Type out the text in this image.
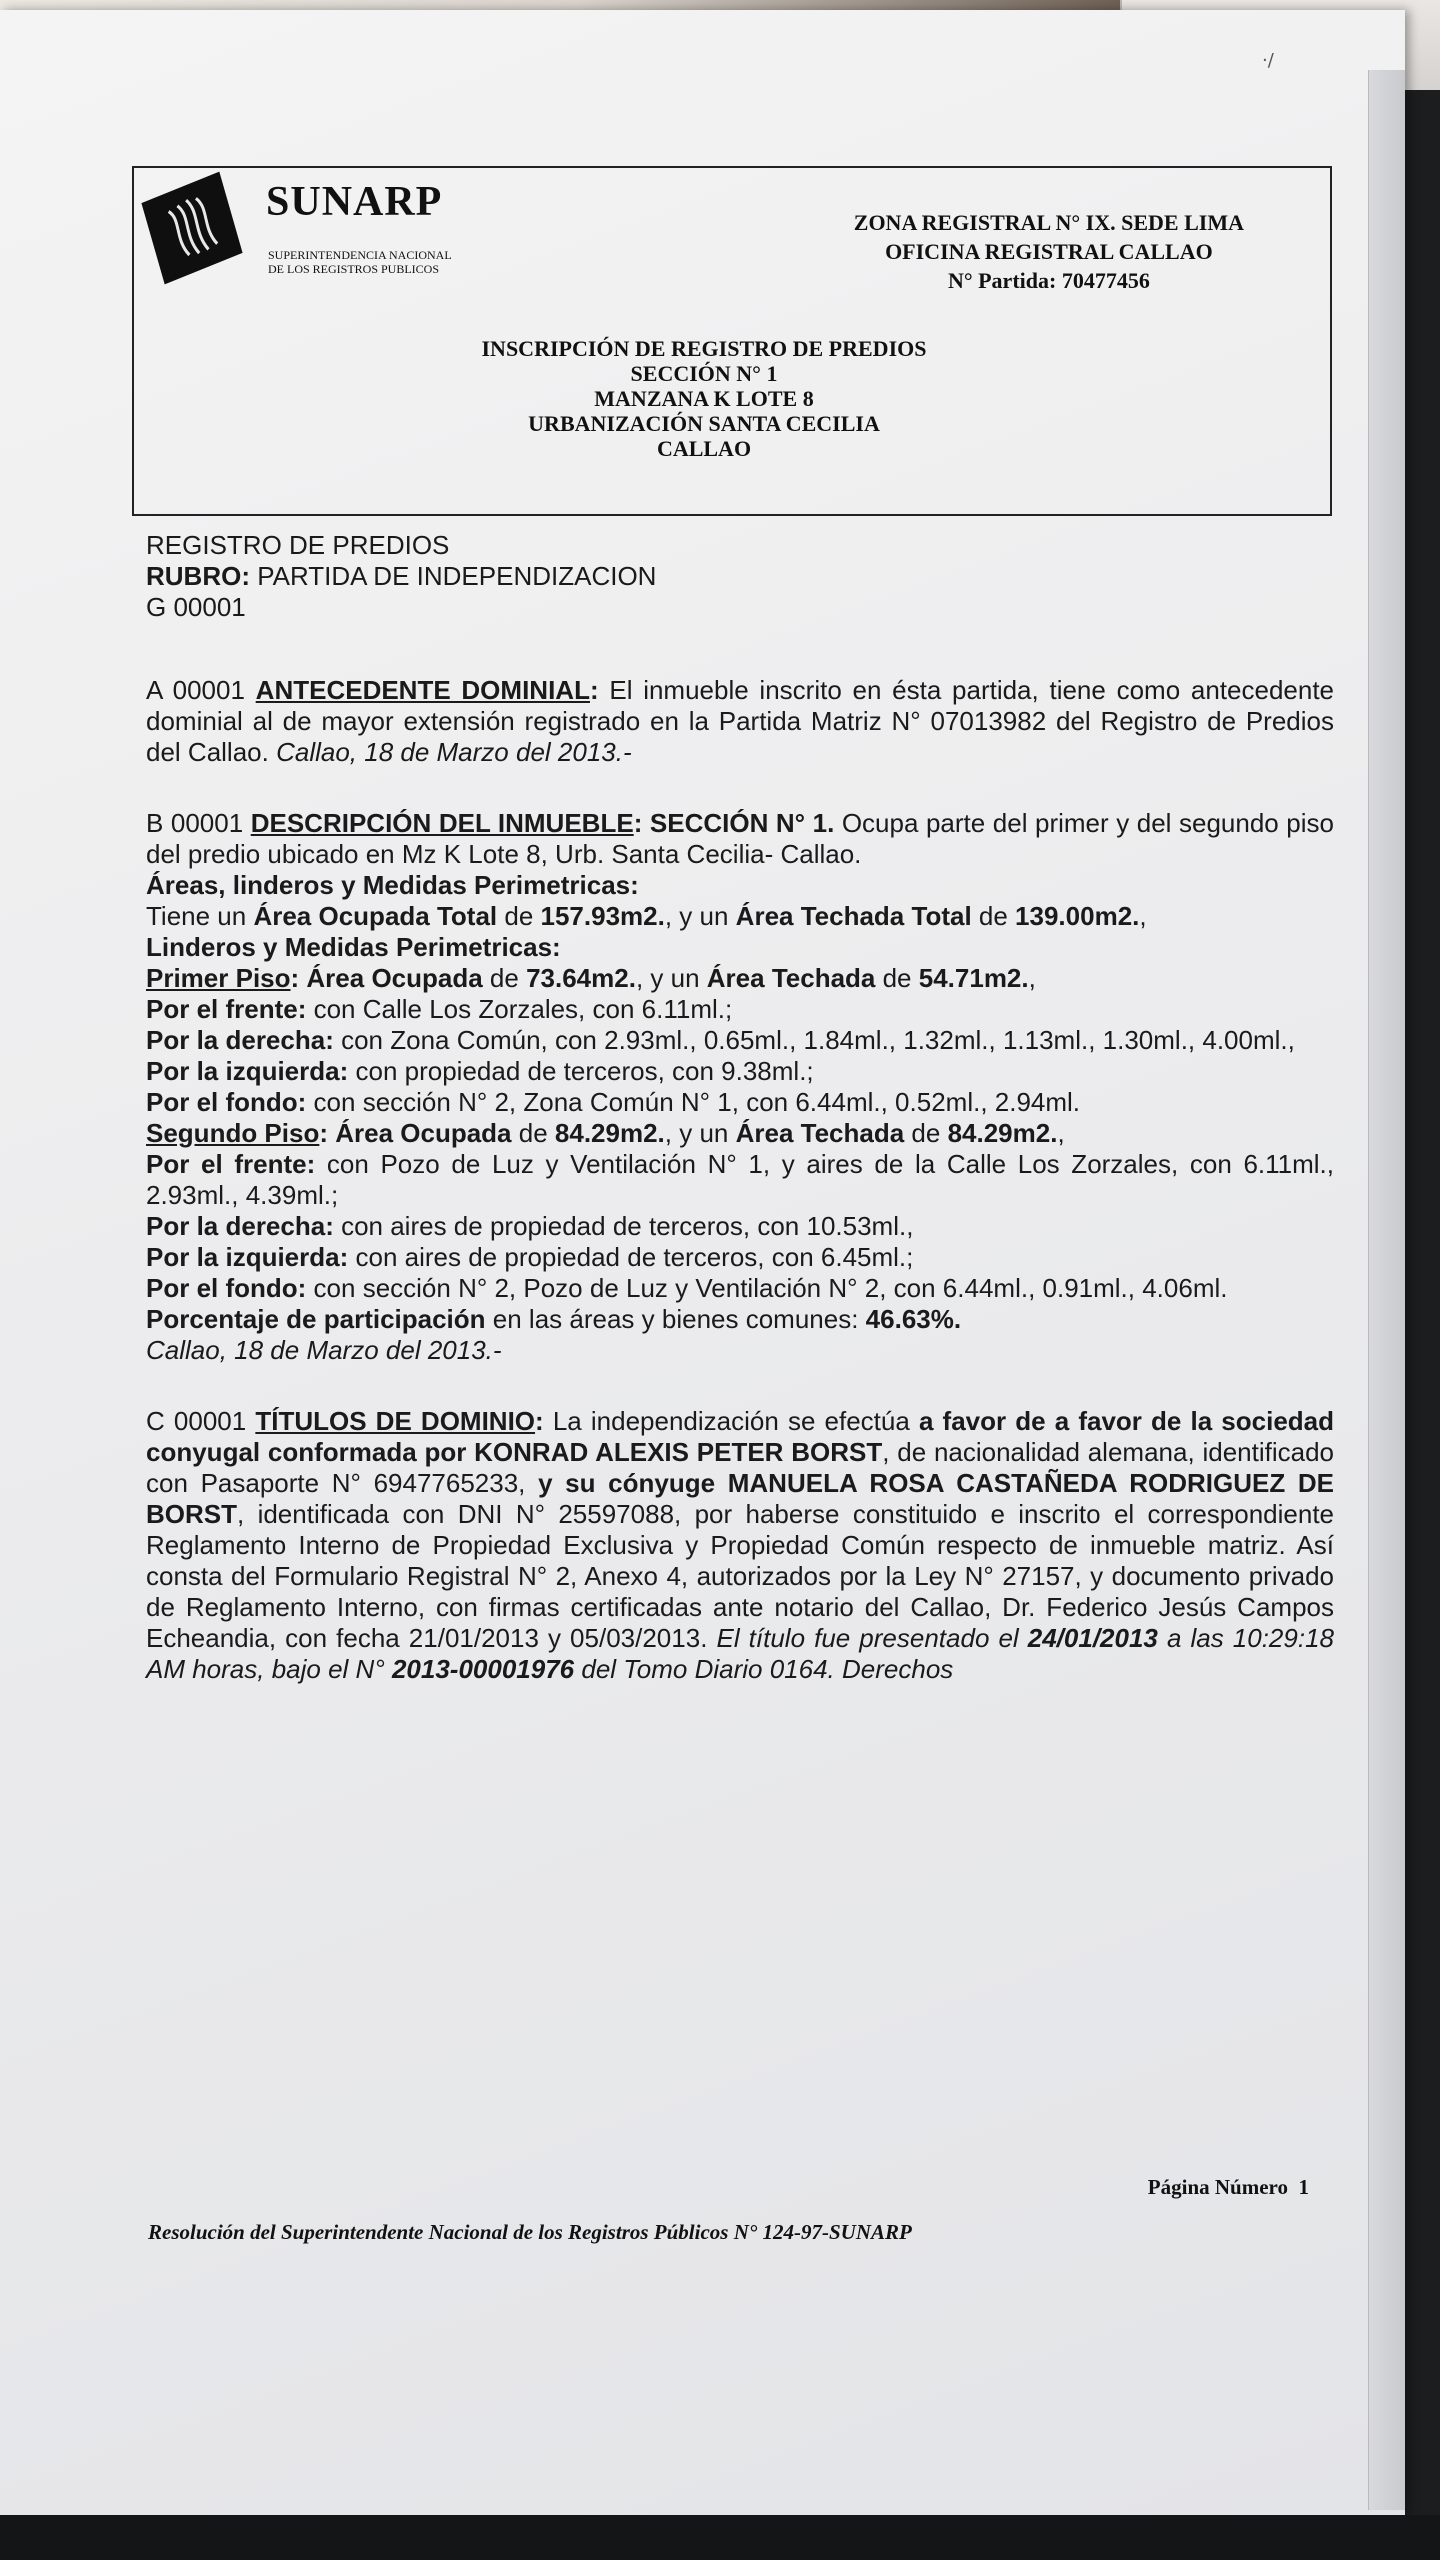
·/
SUNARP
SUPERINTENDENCIA NACIONAL
DE LOS REGISTROS PUBLICOS
ZONA REGISTRAL N° IX. SEDE LIMA
OFICINA REGISTRAL CALLAO
N° Partida: 70477456
INSCRIPCIÓN DE REGISTRO DE PREDIOS
SECCIÓN N° 1
MANZANA K LOTE 8
URBANIZACIÓN SANTA CECILIA
CALLAO

REGISTRO DE PREDIOS

RUBRO: PARTIDA DE INDEPENDIZACION

G 00001

A 00001 ANTECEDENTE DOMINIAL: El inmueble inscrito en ésta partida, tiene como antecedente dominial al de mayor extensión registrado en la Partida Matriz N° 07013982 del Registro de Predios del Callao. Callao, 18 de Marzo del 2013.-

B 00001 DESCRIPCIÓN DEL INMUEBLE: SECCIÓN N° 1. Ocupa parte del primer y del segundo piso del predio ubicado en Mz K Lote 8, Urb. Santa Cecilia- Callao.

Áreas, linderos y Medidas Perimetricas:

Tiene un Área Ocupada Total de 157.93m2., y un Área Techada Total de 139.00m2.,

Linderos y Medidas Perimetricas:

Primer Piso: Área Ocupada de 73.64m2., y un Área Techada de 54.71m2.,

Por el frente: con Calle Los Zorzales, con 6.11ml.;

Por la derecha: con Zona Común, con 2.93ml., 0.65ml., 1.84ml., 1.32ml., 1.13ml., 1.30ml., 4.00ml.,

Por la izquierda: con propiedad de terceros, con 9.38ml.;

Por el fondo: con sección N° 2, Zona Común N° 1, con 6.44ml., 0.52ml., 2.94ml.

Segundo Piso: Área Ocupada de 84.29m2., y un Área Techada de 84.29m2.,

Por el frente: con Pozo de Luz y Ventilación N° 1, y aires de la Calle Los Zorzales, con 6.11ml., 2.93ml., 4.39ml.;

Por la derecha: con aires de propiedad de terceros, con 10.53ml.,

Por la izquierda: con aires de propiedad de terceros, con 6.45ml.;

Por el fondo: con sección N° 2, Pozo de Luz y Ventilación N° 2, con 6.44ml., 0.91ml., 4.06ml.

Porcentaje de participación en las áreas y bienes comunes: 46.63%.

Callao, 18 de Marzo del 2013.-

C 00001 TÍTULOS DE DOMINIO: La independización se efectúa a favor de a favor de la sociedad conyugal conformada por KONRAD ALEXIS PETER BORST, de nacionalidad alemana, identificado con Pasaporte N° 6947765233, y su cónyuge MANUELA ROSA CASTAÑEDA RODRIGUEZ DE BORST, identificada con DNI N° 25597088, por haberse constituido e inscrito el correspondiente Reglamento Interno de Propiedad Exclusiva y Propiedad Común respecto de inmueble matriz. Así consta del Formulario Registral N° 2, Anexo 4, autorizados por la Ley N° 27157, y documento privado de Reglamento Interno, con firmas certificadas ante notario del Callao, Dr. Federico Jesús Campos Echeandia, con fecha 21/01/2013 y 05/03/2013. El título fue presentado el 24/01/2013 a las 10:29:18 AM horas, bajo el N° 2013-00001976 del Tomo Diario 0164. Derechos

Página Número 1
Resolución del Superintendente Nacional de los Registros Públicos N° 124-97-SUNARP
